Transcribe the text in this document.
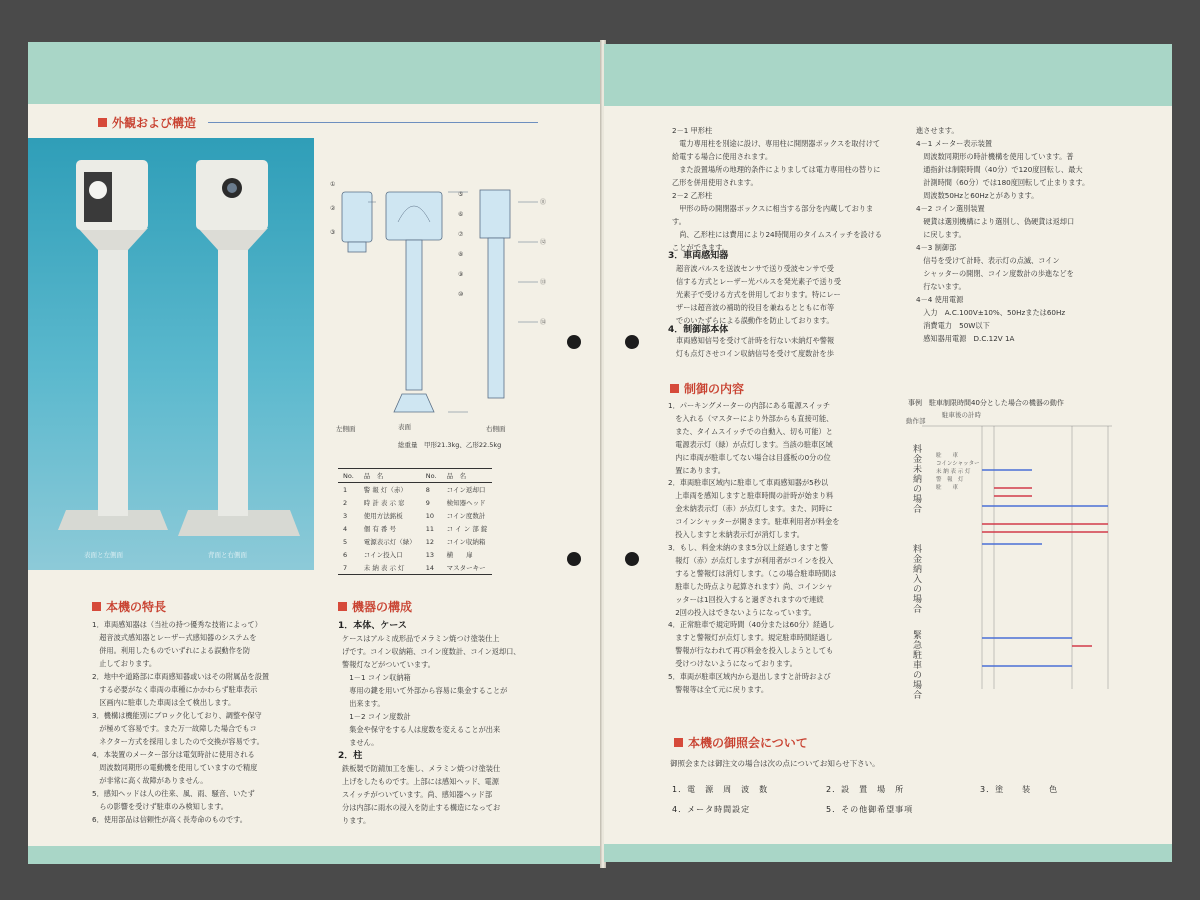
外観および構造
表面と左側面	背面と右側面
①
②
③
⑤
⑥
⑦
⑧
⑨
⑩
⑪
⑫
⑬
⑭
左側面	表面	右側面
総重量　甲形21.3kg、乙形22.5kg
No.	品　名	No.	品　名
1	警 報 灯（赤）	8	コイン返却口
2	時 計 表 示 窓	9	検知器ヘッド
3	使用方法銘板	10	コイン度数計
4	個 有 番 号	11	コ イ ン 部 錠
5	電源表示灯（緑）	12	コイン収納箱
6	コイン投入口	13	横　　扉
7	未 納 表 示 灯	14	マスターキー
本機の特長

1．車両感知器は（当社の持つ優秀な技術によって）

　超音波式感知器とレーザー式感知器のシステムを

　併用。利用したものでいずれによる誤動作を防

　止しております。

2．地中や道路部に車両感知器或いはその附属品を設置

　する必要がなく車両の車種にかかわらず駐車表示

　区画内に駐車した車両は全て検出します。

3．機構は機能別にブロック化しており、調整や保守

　が極めて容易です。また万一故障した場合でもコ

　ネクター方式を採用しましたので交換が容易です。

4．本装置のメーター部分は電気時計に使用される

　周波数同期形の電動機を使用していますので精度

　が非常に高く故障がありません。

5．感知ヘッドは人の往来、風、雨、騒音、いたず

　らの影響を受けず駐車のみ検知します。

6．使用部品は信頼性が高く長寿命のものです。

機器の構成
1．本体、ケース

ケースはアルミ成形品でメラミン焼つけ塗装仕上

げです。コイン収納箱、コイン度数計、コイン返却口、

警報灯などがついています。

　1－1 コイン収納箱

　専用の鍵を用いて外部から容易に集金することが

　出来ます。

　1－2 コイン度数計

　集金や保守をする人は度数を変えることが出来

　ません。

2．柱

鉄板製で防錆加工を施し、メラミン焼つけ塗装仕

上げをしたものです。上部には感知ヘッド、電源

スイッチがついています。尚、感知器ヘッド部

分は内部に雨水の浸入を防止する構造になってお

ります。

2－1 甲形柱

　電力専用柱を別途に設け、専用柱に開閉器ボックスを取付けて給電する場合に使用されます。

　また設置場所の地理的条件によりましては電力専用柱の替りに乙形を併用使用されます。

2－2 乙形柱

　甲形の時の開閉器ボックスに相当する部分を内蔵しております。

　尚、乙形柱には費用により24時間用のタイムスイッチを設けることができます。

3．車両感知器

超音波パルスを送波センサで送り受波センサで受

信する方式とレーザー光パルスを発光素子で送り受

光素子で受ける方式を併用しております。特にレー

ザーは超音波の補助的役目を兼ねるとともに布等

でのいたずらによる誤動作を防止しております。

4．制御部本体

車両感知信号を受けて計時を行ない未納灯や警報

灯も点灯させコイン収納信号を受けて度数計を歩

進させます。

4－1 メーター表示装置

　周波数同期形の時計機構を使用しています。普

　通指針は制限時間（40分）で120度回転し、最大

　計測時間（60分）では180度回転して止まります。

　周波数50Hzと60Hzとがあります。

4－2 コイン選別装置

　硬貨は選別機構により選別し、偽硬貨は返却口

　に戻します。

4－3 制御部

　信号を受けて計時、表示灯の点滅、コイン

　シャッターの開閉、コイン度数計の歩進などを

　行ないます。

4－4 使用電源

　入力　A.C.100V±10%、50Hzまたは60Hz

　消費電力　50W以下

　感知器用電源　D.C.12V 1A

制御の内容

1．パーキングメーターの内部にある電源スイッチ

　を入れる（マスターにより外部からも直接可能、

　また、タイムスイッチでの自動入、切も可能）と

　電源表示灯（緑）が点灯します。当該の駐車区域

　内に車両が駐車してない場合は目盛板の0分の位

　置にあります。

2．車両駐車区域内に駐車して車両感知器が5秒以

　上車両を感知しますと駐車時間の計時が始まり料

　金未納表示灯（赤）が点灯します。また、同時に

　コインシャッターが開きます。駐車利用者が料金を

　投入しますと未納表示灯が消灯します。

3．もし、料金未納のまま5分以上経過しますと警

　報灯（赤）が点灯しますが利用者がコインを投入

　すると警報灯は消灯します。（この場合駐車時間は

　駐車した時点より起算されます）尚、コインシャ

　ッターは1回投入すると過ぎされますので連続

　2回の投入はできないようになっています。

4．正常駐車で規定時間（40分または60分）経過し

　ますと警報灯が点灯します。規定駐車時間経過し

　警報が行なわれて再び料金を投入しようとしても

　受けつけないようになっております。

5．車両が駐車区域内から退出しますと計時および

　警報等は全て元に戻ります。

事例　駐車制限時間40分とした場合の機器の動作
動作部
駐車後の計時
料金未納の場合
料金納入の場合
緊急駐車の場合
駐　　車
コインシャッター
未 納 表 示 灯
警　報　灯
駐　　車
本機の御照会について
御照会または御注文の場合は次の点についてお知らせ下さい。
1．電　源　周　波　数	2．設　置　場　所	3．塗　　装　　色
4．メータ時間設定	5．その他御希望事項
